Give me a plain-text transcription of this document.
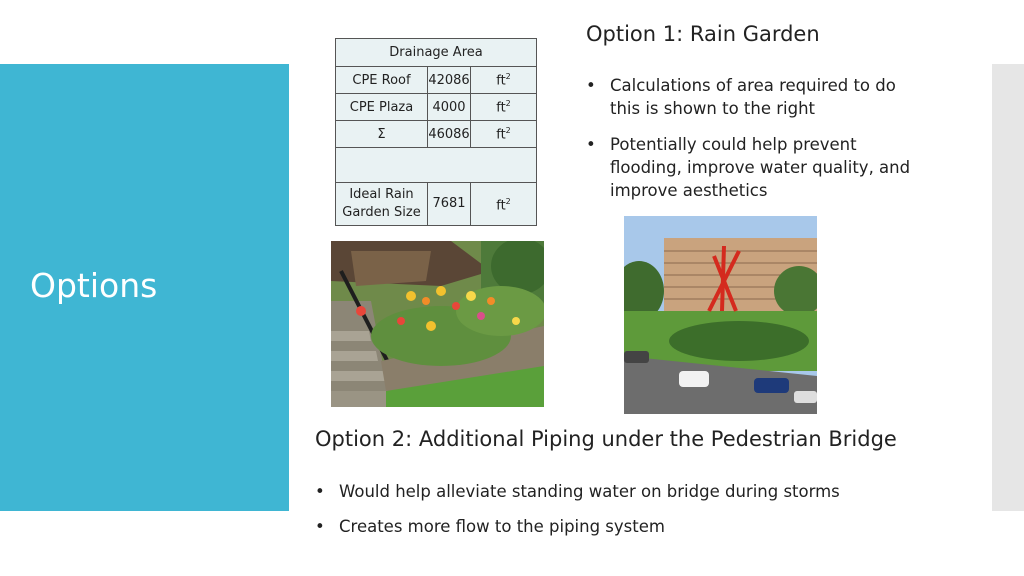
Options
Drainage Area		
CPE Roof	42086	$ft^2$
CPE Plaza	4000	$ft^2$
Σ	46086	$ft^2$

Ideal Rain
Garden Size	7681	$ft^2$
Option 1: Rain Garden
• Calculations of area required to do this is shown to the right
• Potentially could help prevent flooding, improve water quality, and improve aesthetics
Option 2: Additional Piping under the Pedestrian Bridge
• Would help alleviate standing water on bridge during storms
• Creates more flow to the piping system
